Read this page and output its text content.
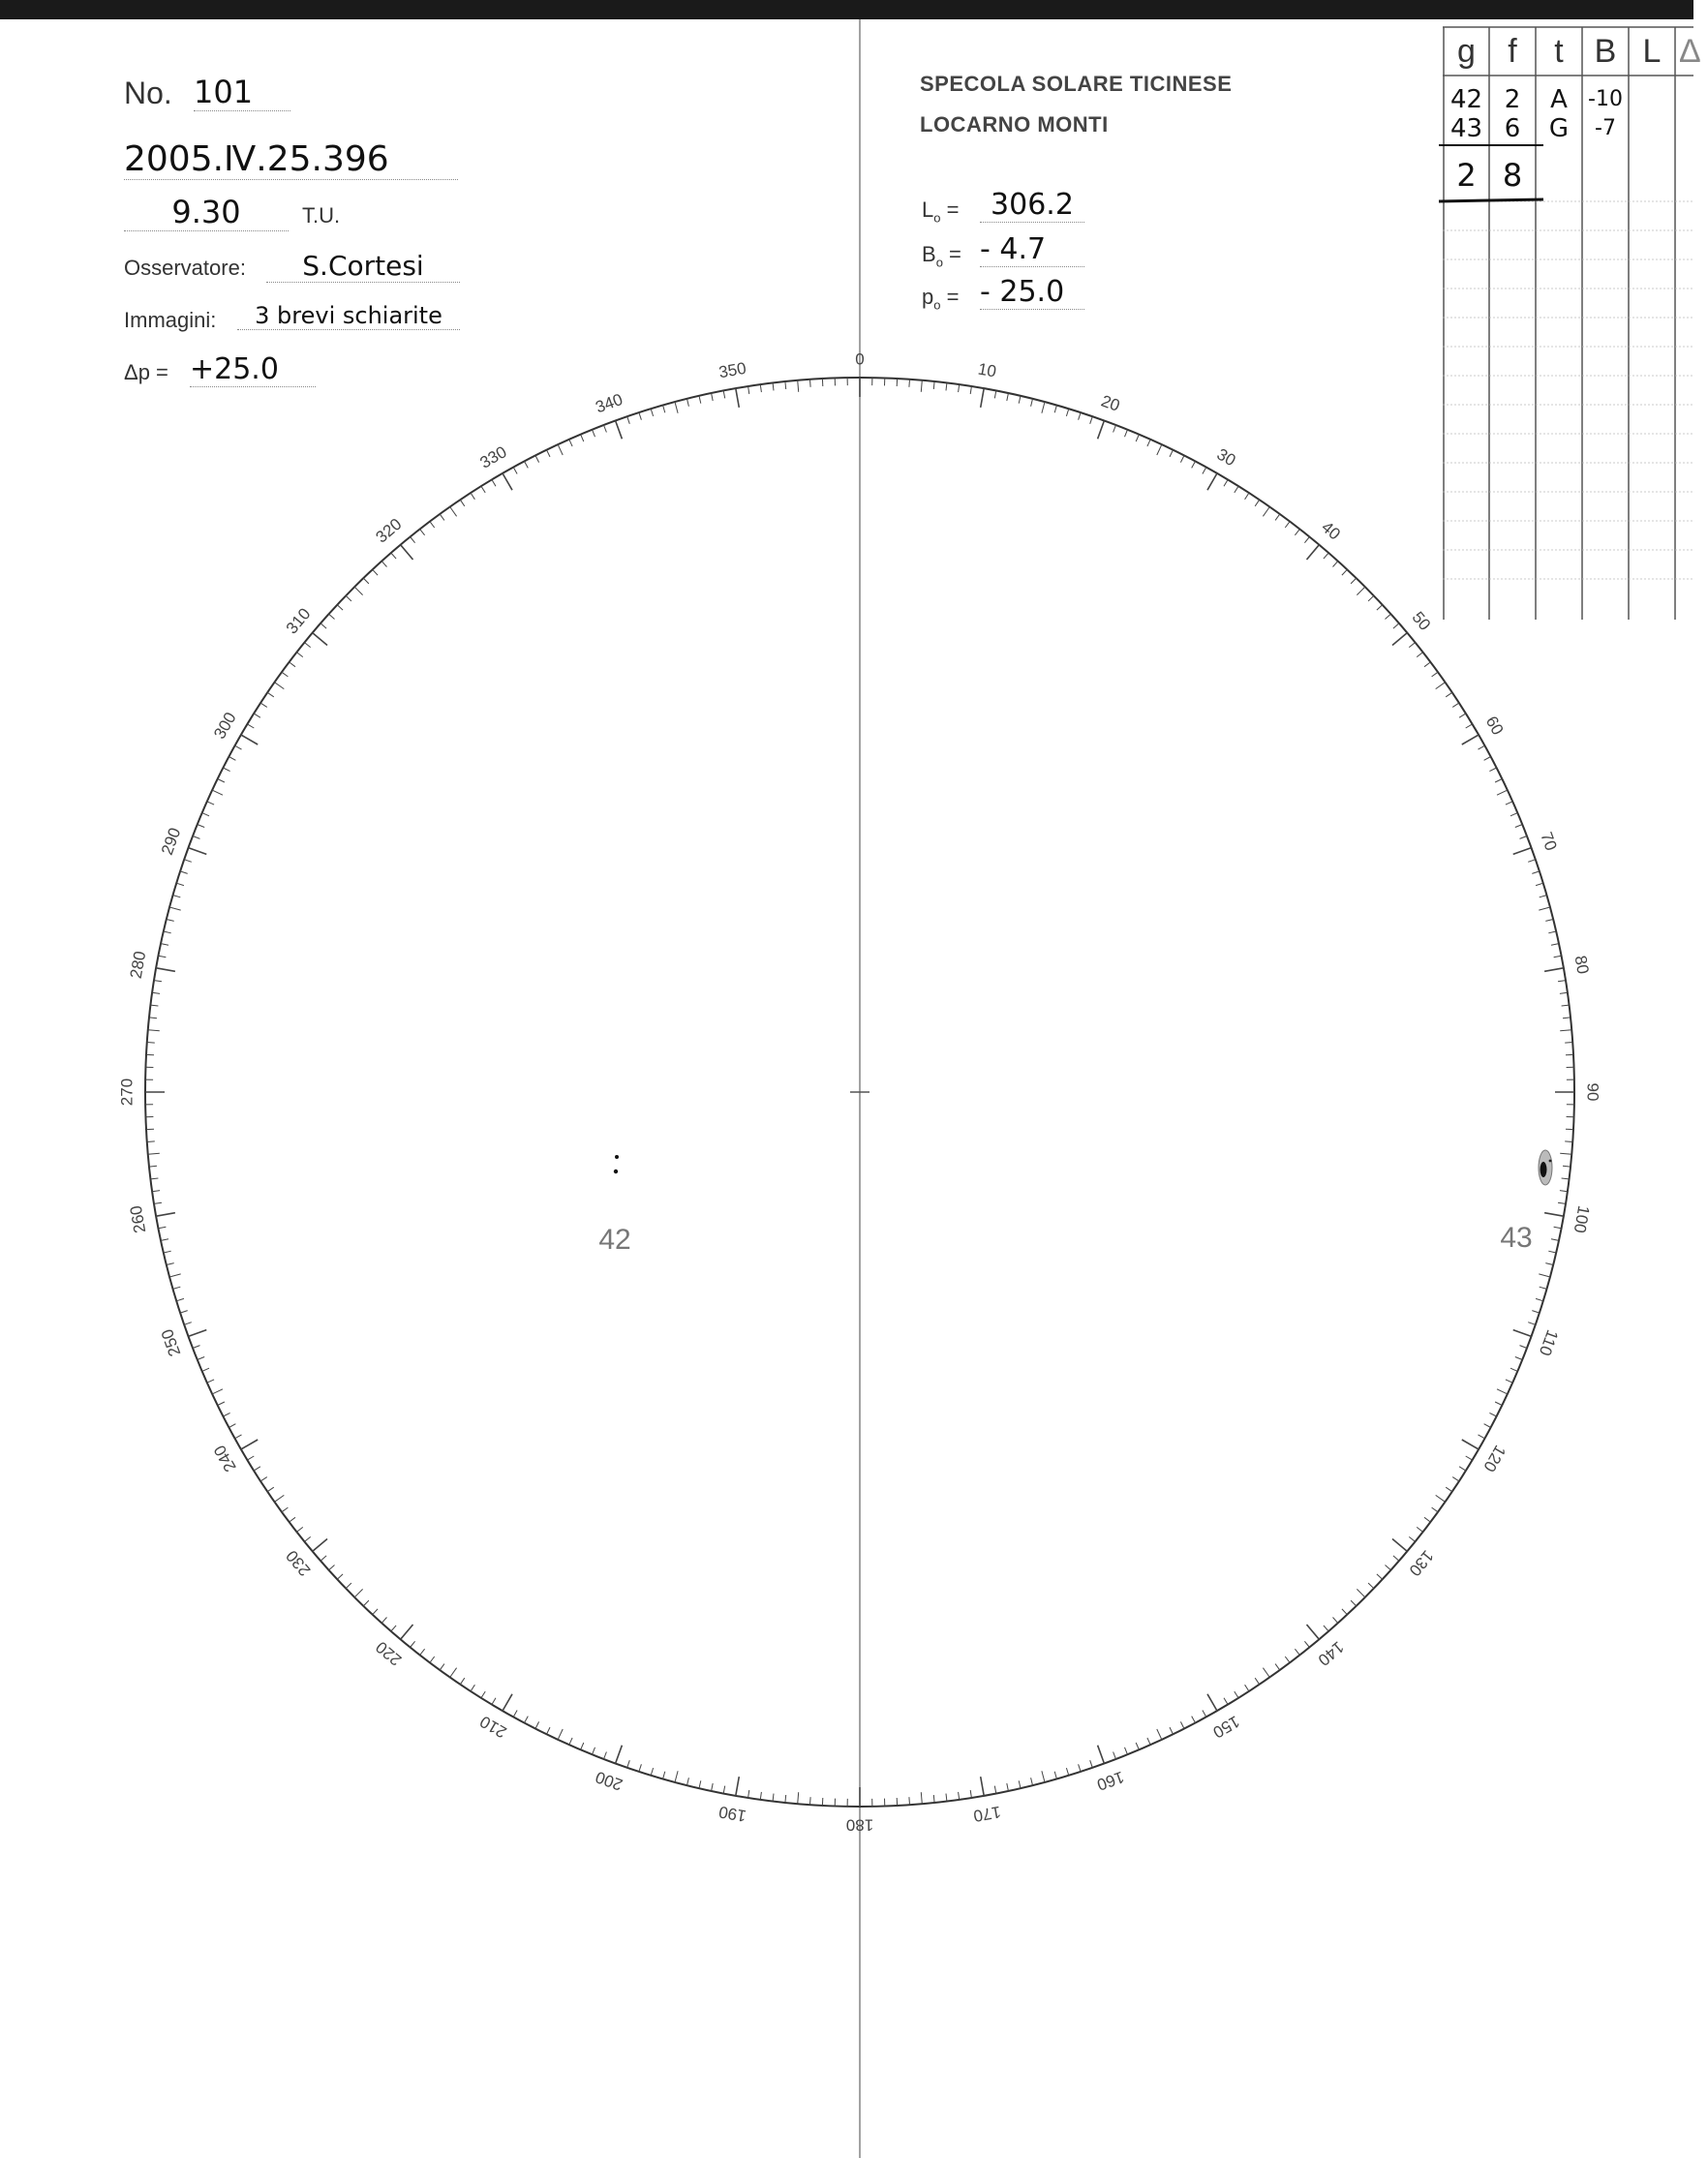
No. 101
2005.Ⅳ.25.396
9.30	T.U.
Osservatore:	S.Cortesi
Immagini:	3 brevi schiarite
Δp = +25.0
SPECOLA SOLARE TICINESE
LOCARNO MONTI
$L_o$ =	306.2
$B_o$ = - 4.7
$p_o$ = - 25.0
g f	t B L Δ
42 2	A -10
43 6	G	-7
2 8
0
10
20
30
40
50
60
70
80
90
100
110
120
130
140
150
160
170
180
190
200
210
220
230
240
250
260
270
280
290
300
310
320
330
340
350
42	43
